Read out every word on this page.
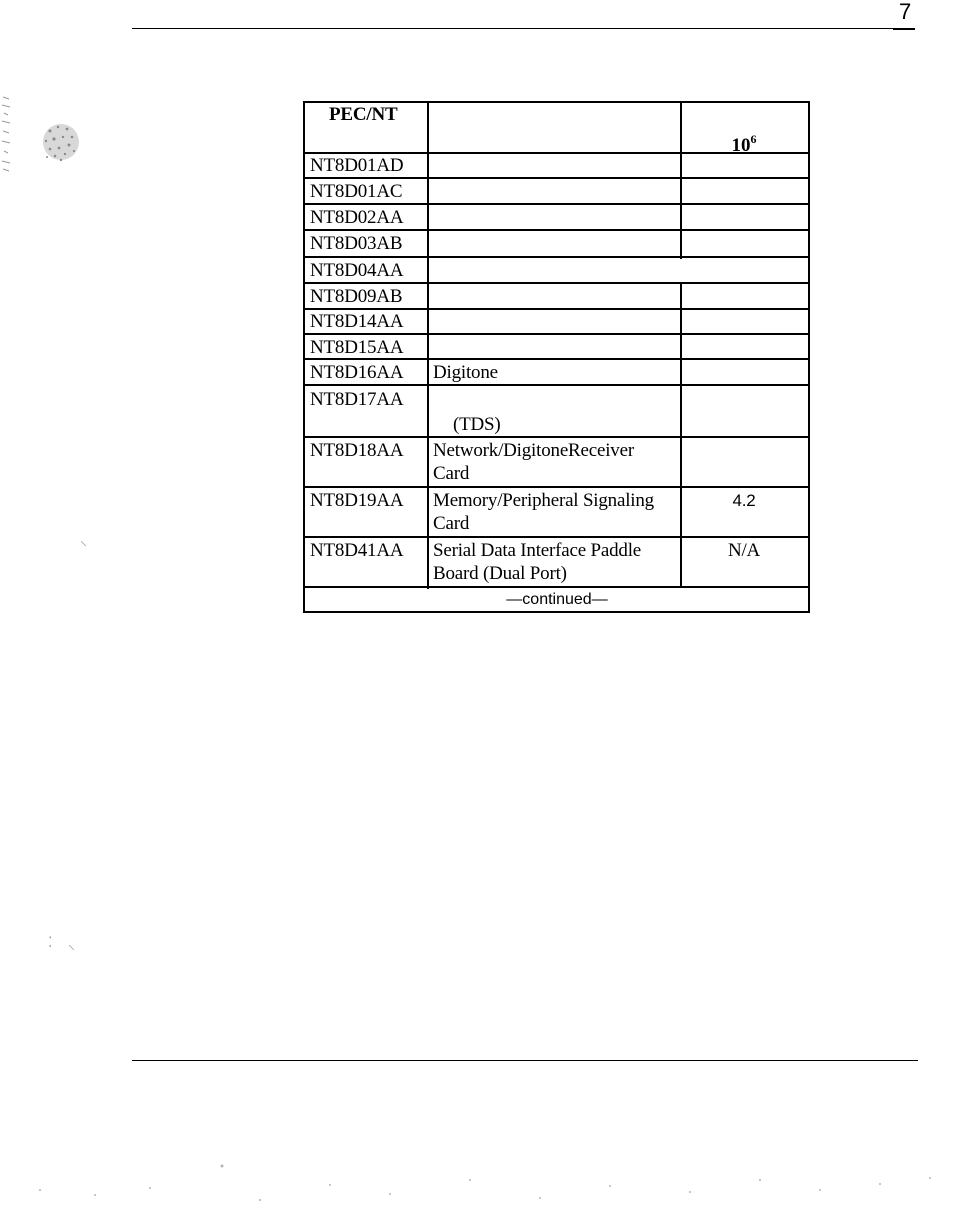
7
⸌
⁚ ⸜
PEC/NT
$10^6$
NT8D01AD
NT8D01AC
NT8D02AA
NT8D03AB
NT8D04AA
NT8D09AB
NT8D14AA
NT8D15AA
NT8D16AA Digitone
NT8D17AA
(TDS)
NT8D18AA Network/DigitoneReceiver
Card
NT8D19AA Memory/Peripheral Signaling
Card
4.2
NT8D41AA Serial Data Interface Paddle
Board (Dual Port)
N/A
—continued—
